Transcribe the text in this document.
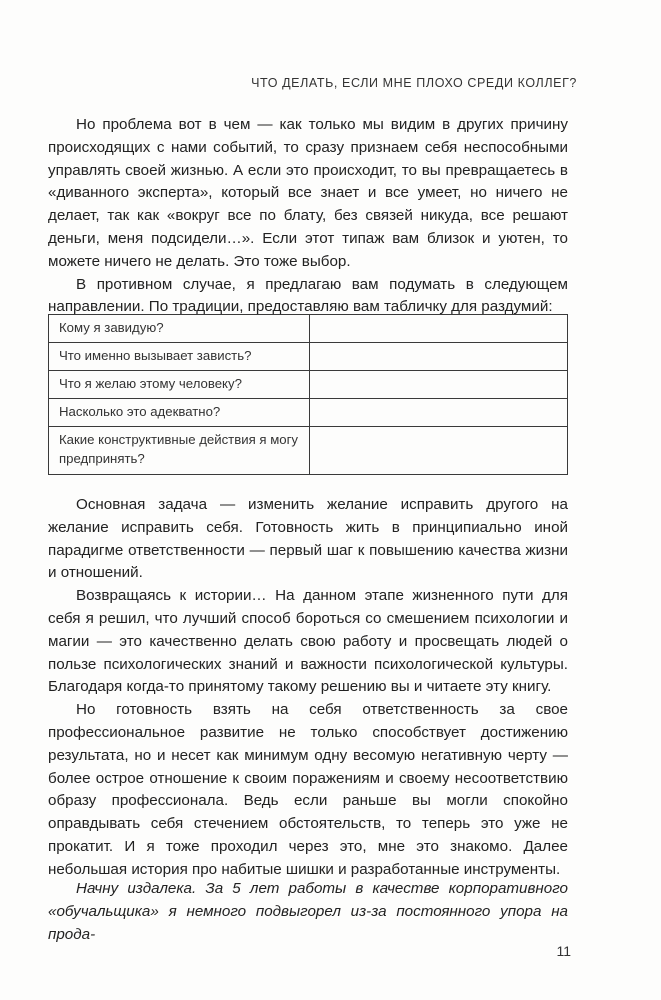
ЧТО ДЕЛАТЬ, ЕСЛИ МНЕ ПЛОХО СРЕДИ КОЛЛЕГ?

Но проблема вот в чем — как только мы видим в других причину происходящих с нами событий, то сразу признаем себя неспособными управлять своей жизнью. А если это происходит, то вы превращаетесь в «диванного эксперта», который все знает и все умеет, но ничего не делает, так как «вокруг все по блату, без связей никуда, все решают деньги, меня подсидели…». Если этот типаж вам близок и уютен, то можете ничего не делать. Это тоже выбор.

В противном случае, я предлагаю вам подумать в следующем направлении. По традиции, предоставляю вам табличку для раздумий:

Кому я завидую?	
Что именно вызывает зависть?	
Что я желаю этому человеку?	
Насколько это адекватно?	
Какие конструктивные действия я могу предпринять?	

Основная задача — изменить желание исправить другого на желание исправить себя. Готовность жить в принципиально иной парадигме ответственности — первый шаг к повышению качества жизни и отношений.

Возвращаясь к истории… На данном этапе жизненного пути для себя я решил, что лучший способ бороться со смешением психологии и магии — это качественно делать свою работу и просвещать людей о пользе психологических знаний и важности психологической культуры. Благодаря когда-то принятому такому решению вы и читаете эту книгу.

Но готовность взять на себя ответственность за свое профессиональное развитие не только способствует достижению результата, но и несет как минимум одну весомую негативную черту — более острое отношение к своим поражениям и своему несоответствию образу профессионала. Ведь если раньше вы могли спокойно оправдывать себя стечением обстоятельств, то теперь это уже не прокатит. И я тоже проходил через это, мне это знакомо. Далее небольшая история про набитые шишки и разработанные инструменты.

Начну издалека. За 5 лет работы в качестве корпоративного «обучальщика» я немного подвыгорел из-за постоянного упора на прода-

11
